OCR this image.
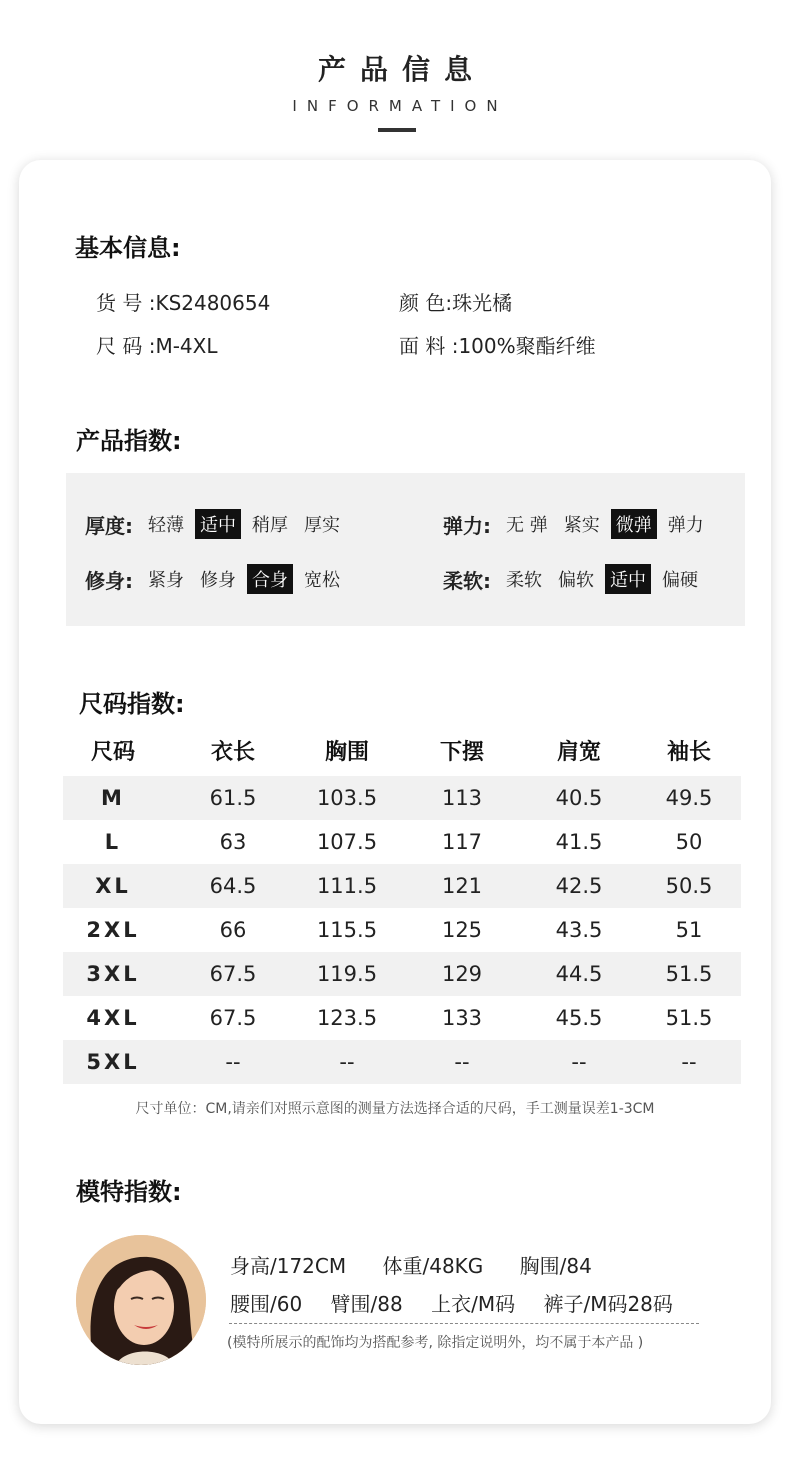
产品信息
INFORMATION
基本信息:
货 号 :KS2480654	颜 色:珠光橘
尺 码 :M-4XL	面 料 :100%聚酯纤维
产品指数:
厚度: 轻薄 适中 稍厚 厚实	弹力: 无 弹 紧实 微弹 弹力
修身: 紧身 修身 合身 宽松	柔软: 柔软 偏软 适中 偏硬
尺码指数:
尺码	衣长	胸围	下摆	肩宽	袖长
M	61.5	103.5	113	40.5	49.5
L	63	107.5	117	41.5	50
XL	64.5	111.5	121	42.5	50.5
2XL	66	115.5	125	43.5	51
3XL	67.5	119.5	129	44.5	51.5
4XL	67.5	123.5	133	45.5	51.5
5XL	--	--	--	--	--
尺寸单位：CM,请亲们对照示意图的测量方法选择合适的尺码，手工测量误差1-3CM
模特指数:
身高/172CM 体重/48KG 胸围/84
腰围/60 臂围/88 上衣/M码 裤子/M码28码
(模特所展示的配饰均为搭配参考, 除指定说明外，均不属于本产品 )
